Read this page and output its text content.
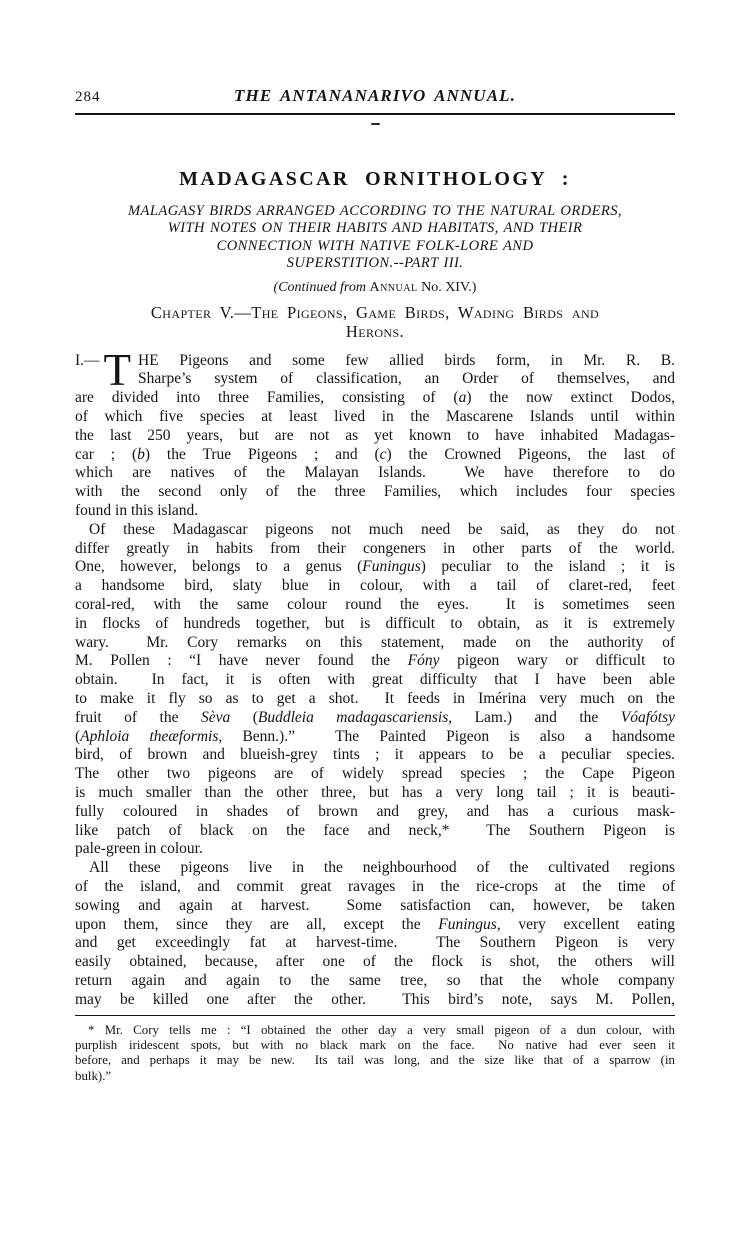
284	THE ANTANANARIVO ANNUAL.
MADAGASCAR ORNITHOLOGY :
MALAGASY BIRDS ARRANGED ACCORDING TO THE NATURAL ORDERS,
WITH NOTES ON THEIR HABITS AND HABITATS, AND THEIR
CONNECTION WITH NATIVE FOLK-LORE AND
SUPERSTITION.--PART III.
(Continued from Annual No. XIV.)
Chapter V.—The Pigeons, Game Birds, Wading Birds and
Herons.
I.— T HE Pigeons and some few allied birds form, in Mr. R. B.
Sharpe’s system of classification, an Order of themselves, and
are divided into three Families, consisting of (a) the now extinct Dodos,
of which five species at least lived in the Mascarene Islands until within
the last 250 years, but are not as yet known to have inhabited Madagas-
car ; (b) the True Pigeons ; and (c) the Crowned Pigeons, the last of
which are natives of the Malayan Islands.  We have therefore to do
with the second only of the three Families, which includes four species
found in this island.
Of these Madagascar pigeons not much need be said, as they do not
differ greatly in habits from their congeners in other parts of the world.
One, however, belongs to a genus (Funingus) peculiar to the island ; it is
a handsome bird, slaty blue in colour, with a tail of claret-red, feet
coral-red, with the same colour round the eyes.  It is sometimes seen
in flocks of hundreds together, but is difficult to obtain, as it is extremely
wary.  Mr. Cory remarks on this statement, made on the authority of
M. Pollen : “I have never found the Fóny pigeon wary or difficult to
obtain.  In fact, it is often with great difficulty that I have been able
to make it fly so as to get a shot.  It feeds in Imérina very much on the
fruit of the Sèva (Buddleia madagascariensis, Lam.) and the Vóafótsy
(Aphloia theæformis, Benn.).”  The Painted Pigeon is also a handsome
bird, of brown and blueish-grey tints ; it appears to be a peculiar species.
The other two pigeons are of widely spread species ; the Cape Pigeon
is much smaller than the other three, but has a very long tail ; it is beauti-
fully coloured in shades of brown and grey, and has a curious mask-
like patch of black on the face and neck,*  The Southern Pigeon is
pale-green in colour.
All these pigeons live in the neighbourhood of the cultivated regions
of the island, and commit great ravages in the rice-crops at the time of
sowing and again at harvest.  Some satisfaction can, however, be taken
upon them, since they are all, except the Funingus, very excellent eating
and get exceedingly fat at harvest-time.  The Southern Pigeon is very
easily obtained, because, after one of the flock is shot, the others will
return again and again to the same tree, so that the whole company
may be killed one after the other.  This bird’s note, says M. Pollen,
* Mr. Cory tells me : “I obtained the other day a very small pigeon of a dun colour, with
purplish iridescent spots, but with no black mark on the face.  No native had ever seen it
before, and perhaps it may be new.  Its tail was long, and the size like that of a sparrow (in
bulk).”
